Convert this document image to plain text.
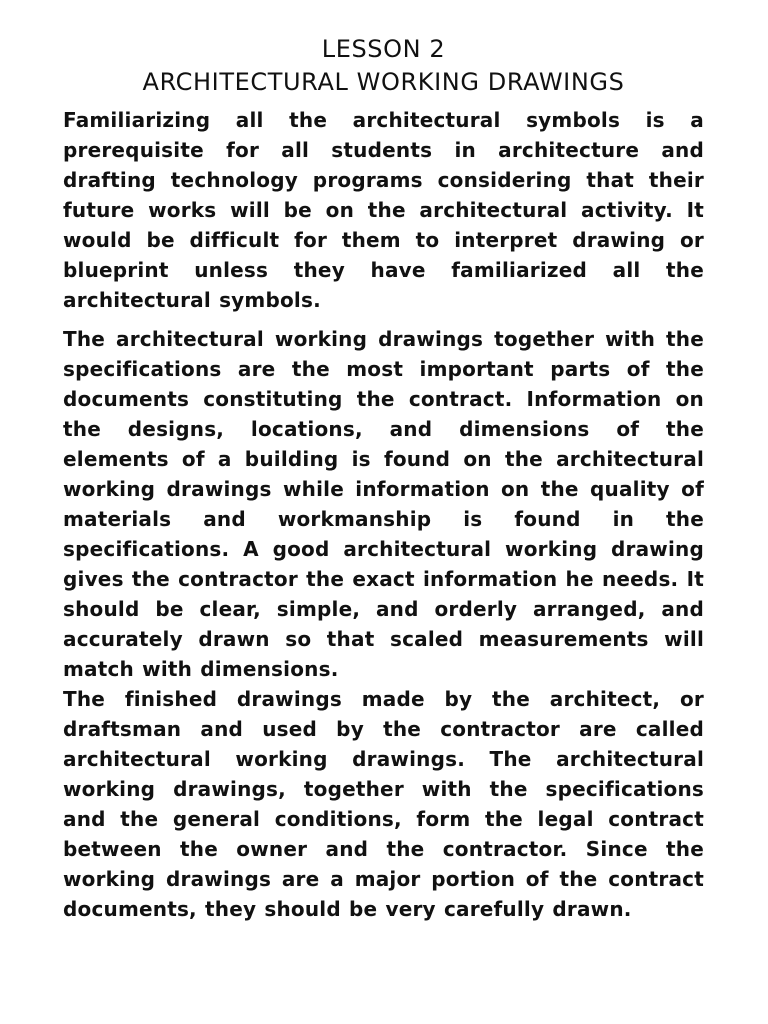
LESSON 2
ARCHITECTURAL WORKING DRAWINGS

Familiarizing all the architectural symbols is a prerequisite for all students in architecture and drafting technology programs considering that their future works will be on the architectural activity. It would be difficult for them to interpret drawing or blueprint unless they have familiarized all the architectural symbols.

The architectural working drawings together with the specifications are the most important parts of the documents constituting the contract. Information on the designs, locations, and dimensions of the elements of a building is found on the architectural working drawings while information on the quality of materials and workmanship is found in the specifications. A good architectural working drawing gives the contractor the exact information he needs. It should be clear, simple, and orderly arranged, and accurately drawn so that scaled measurements will match with dimensions.

The finished drawings made by the architect, or draftsman and used by the contractor are called architectural working drawings. The architectural working drawings, together with the specifications and the general conditions, form the legal contract between the owner and the contractor. Since the working drawings are a major portion of the contract documents, they should be very carefully drawn.
